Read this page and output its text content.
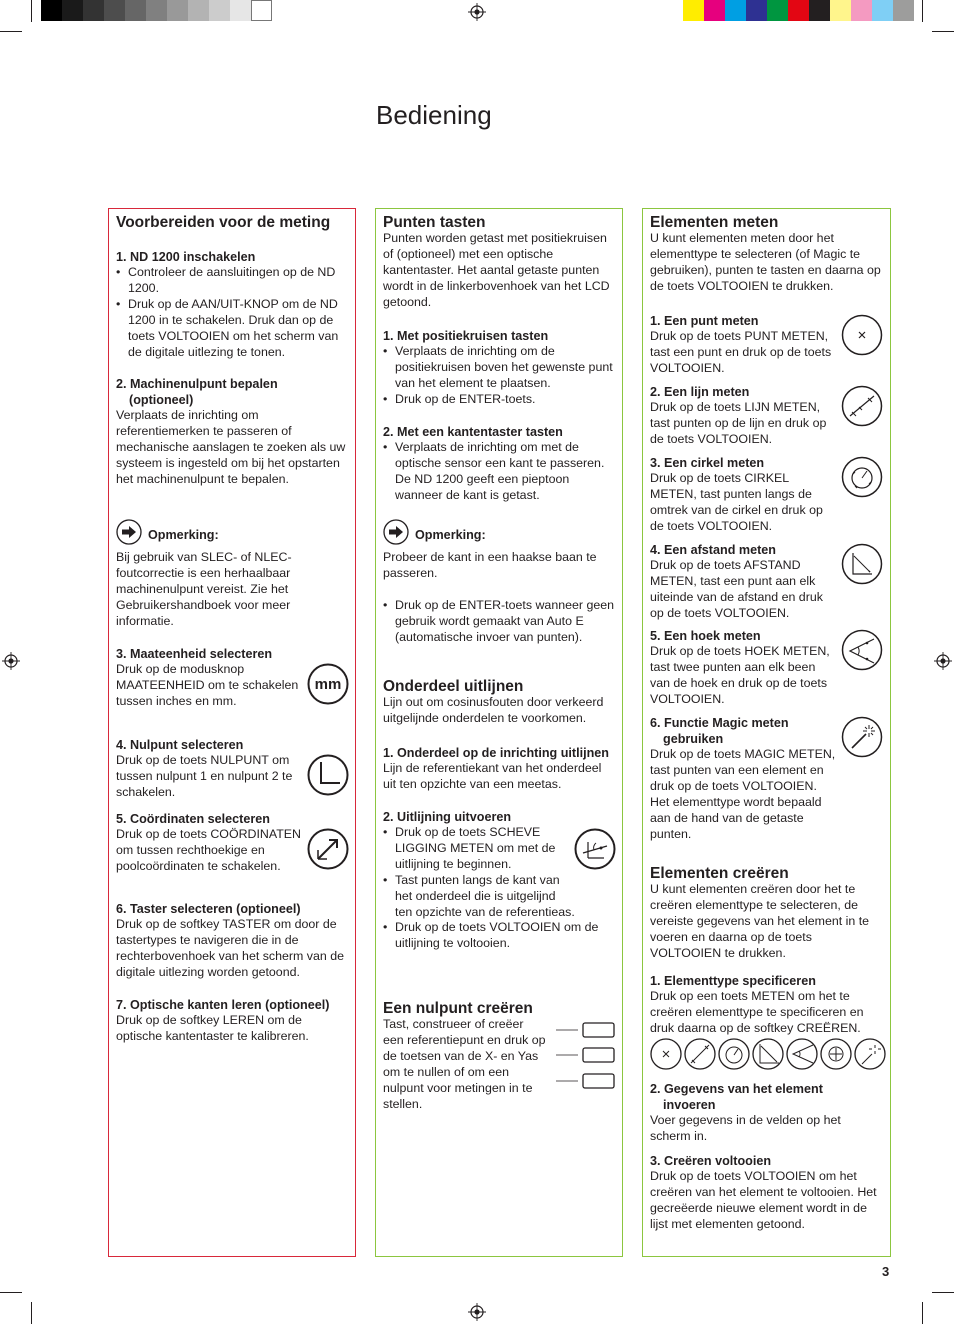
Bediening
Voorbereiden voor de meting
1. ND 1200 inschakelen
• Controleer de aansluitingen op de ND 1200.
• Druk op de AAN/UIT-KNOP om de ND 1200 in te schakelen. Druk dan op de toets VOLTOOIEN om het scherm van de digitale uitlezing te tonen.
2. Machinenulpunt bepalen
(optioneel)

Verplaats de inrichting om referentiemerken te passeren of mechanische aanslagen te zoeken als uw systeem is ingesteld om bij het opstarten het machinenulpunt te bepalen.

Opmerking:

Bij gebruik van SLEC- of NLEC-foutcorrectie is een herhaalbaar machinenulpunt vereist. Zie het Gebruikershandboek voor meer informatie.

3. Maateenheid selecteren

Druk op de modusknop MAATEENHEID om te schakelen tussen inches en mm.

mm
4. Nulpunt selecteren

Druk op de toets NULPUNT om tussen nulpunt 1 en nulpunt 2 te schakelen.

5. Coördinaten selecteren

Druk op de toets COÖRDINATEN om tussen rechthoekige en poolcoördinaten te schakelen.

6. Taster selecteren (optioneel)

Druk op de softkey TASTER om door de tastertypes te navigeren die in de rechterbovenhoek van het scherm van de digitale uitlezing worden getoond.

7. Optische kanten leren (optioneel)

Druk op de softkey LEREN om de optische kantentaster te kalibreren.

Punten tasten

Punten worden getast met positiekruisen of (optioneel) met een optische kantentaster. Het aantal getaste punten wordt in de linkerbovenhoek van het LCD getoond.

1. Met positiekruisen tasten
• Verplaats de inrichting om de positiekruisen boven het gewenste punt van het element te plaatsen.
• Druk op de ENTER-toets.
2. Met een kantentaster tasten
• Verplaats de inrichting om met de optische sensor een kant te passeren. De ND 1200 geeft een pieptoon wanneer de kant is getast.
Opmerking:

Probeer de kant in een haakse baan te passeren.

• Druk op de ENTER-toets wanneer geen gebruik wordt gemaakt van Auto E (automatische invoer van punten).
Onderdeel uitlijnen

Lijn out om cosinusfouten door verkeerd uitgelijnde onderdelen te voorkomen.

1. Onderdeel op de inrichting uitlijnen

Lijn de referentiekant van het onderdeel uit ten opzichte van een meetas.

2. Uitlijning uitvoeren
• Druk op de toets SCHEVE LIGGING METEN om met de uitlijning te beginnen.
• Tast punten langs de kant van het onderdeel die is uitgelijnd ten opzichte van de referentieas.
• Druk op de toets VOLTOOIEN om de uitlijning te voltooien.
Een nulpunt creëren

Tast, construeer of creëer een referentiepunt en druk op de toetsen van de X- en Yas om te nullen of om een nulpunt voor metingen in te stellen.

Elementen meten

U kunt elementen meten door het elementtype te selecteren (of Magic te gebruiken), punten te tasten en daarna op de toets VOLTOOIEN te drukken.

1. Een punt meten

Druk op de toets PUNT METEN, tast een punt en druk op de toets VOLTOOIEN.

2. Een lijn meten

Druk op de toets LIJN METEN, tast punten op de lijn en druk op de toets VOLTOOIEN.

3. Een cirkel meten

Druk op de toets CIRKEL METEN, tast punten langs de omtrek van de cirkel en druk op de toets VOLTOOIEN.

4. Een afstand meten

Druk op de toets AFSTAND METEN, tast een punt aan elk uiteinde van de afstand en druk op de toets VOLTOOIEN.

5. Een hoek meten

Druk op de toets HOEK METEN, tast twee punten aan elk been van de hoek en druk op de toets VOLTOOIEN.

6. Functie Magic meten
gebruiken

Druk op de toets MAGIC METEN, tast punten van een element en druk op de toets VOLTOOIEN. Het elementtype wordt bepaald aan de hand van de getaste punten.

Elementen creëren

U kunt elementen creëren door het te creëren elementtype te selecteren, de vereiste gegevens van het element in te voeren en daarna op de toets VOLTOOIEN te drukken.

1. Elementtype specificeren

Druk op een toets METEN om het te creëren elementtype te specificeren en druk daarna op de softkey CREËREN.

2. Gegevens van het element
invoeren

Voer gegevens in de velden op het scherm in.

3. Creëren voltooien

Druk op de toets VOLTOOIEN om het creëren van het element te voltooien. Het gecreëerde nieuwe element wordt in de lijst met elementen getoond.

3
